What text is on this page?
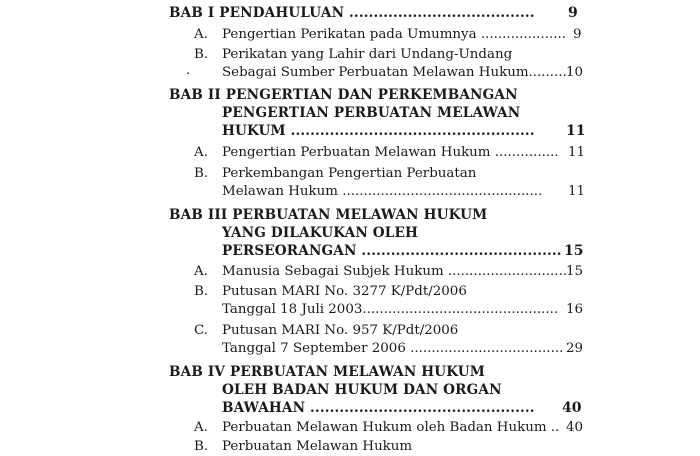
BAB I PENDAHULUAN ...................................... 9
A. Pengertian Perikatan pada Umumnya .................... 9
B. Perikatan yang Lahir dari Undang-Undang
. Sebagai Sumber Perbuatan Melawan Hukum......... 10
BAB II PENGERTIAN DAN PERKEMBANGAN
PENGERTIAN PERBUATAN MELAWAN
HUKUM .................................................. 11
A. Pengertian Perbuatan Melawan Hukum ............... 11
B. Perkembangan Pengertian Perbuatan
Melawan Hukum ............................................... 11
BAB III PERBUATAN MELAWAN HUKUM
YANG DILAKUKAN OLEH
PERSEORANGAN ......................................... 15
A. Manusia Sebagai Subjek Hukum ............................
15
B. Putusan MARI No. 3277 K/Pdt/2006
Tanggal 18 Juli 2003.............................................. 16
C. Putusan MARI No. 957 K/Pdt/2006
Tanggal 7 September 2006 .................................... 29
BAB IV PERBUATAN MELAWAN HUKUM
OLEH BADAN HUKUM DAN ORGAN
BAWAHAN .............................................. 40
A. Perbuatan Melawan Hukum oleh Badan Hukum .. 40
B. Perbuatan Melawan Hukum
